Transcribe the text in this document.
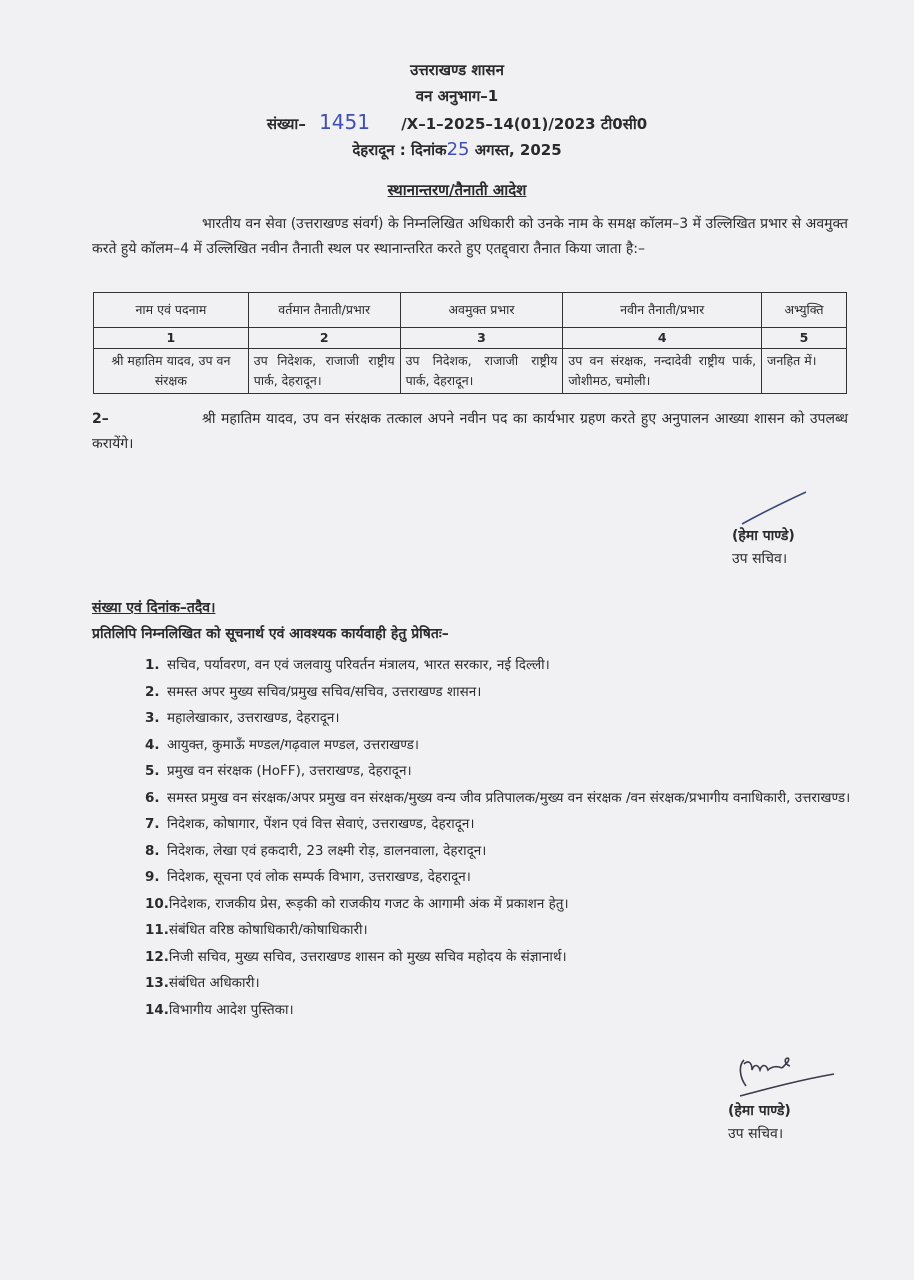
उत्तराखण्ड शासन
वन अनुभाग–1
संख्या– 1451 /X–1–2025–14(01)/2023 टी0सी0
देहरादून : दिनांक25 अगस्त, 2025
स्थानान्तरण/तैनाती आदेश
भारतीय वन सेवा (उत्तराखण्ड संवर्ग) के निम्नलिखित अधिकारी को उनके नाम के समक्ष कॉलम–3 में उल्लिखित प्रभार से अवमुक्त करते हुये कॉलम–4 में उल्लिखित नवीन तैनाती स्थल पर स्थानान्तरित करते हुए एतद्द्वारा तैनात किया जाता है:–
नाम एवं पदनाम	वर्तमान तैनाती/प्रभार	अवमुक्त प्रभार	नवीन तैनाती/प्रभार	अभ्युक्ति
1	2	3	4	5
श्री महातिम यादव, उप वन संरक्षक	उप निदेशक, राजाजी राष्ट्रीय पार्क, देहरादून।	उप निदेशक, राजाजी राष्ट्रीय पार्क, देहरादून।	उप वन संरक्षक, नन्दादेवी राष्ट्रीय पार्क, जोशीमठ, चमोली।	जनहित में।
2–	श्री महातिम यादव, उप वन संरक्षक तत्काल अपने नवीन पद का कार्यभार ग्रहण करते हुए अनुपालन आख्या शासन को उपलब्ध करायेंगे।
(हेमा पाण्डे)
उप सचिव।
संख्या एवं दिनांक–तदैव।
प्रतिलिपि निम्नलिखित को सूचनार्थ एवं आवश्यक कार्यवाही हेतु प्रेषितः–
1. सचिव, पर्यावरण, वन एवं जलवायु परिवर्तन मंत्रालय, भारत सरकार, नई दिल्ली।
2. समस्त अपर मुख्य सचिव/प्रमुख सचिव/सचिव, उत्तराखण्ड शासन।
3. महालेखाकार, उत्तराखण्ड, देहरादून।
4. आयुक्त, कुमाऊँ मण्डल/गढ़वाल मण्डल, उत्तराखण्ड।
5. प्रमुख वन संरक्षक (HoFF), उत्तराखण्ड, देहरादून।
6. समस्त प्रमुख वन संरक्षक/अपर प्रमुख वन संरक्षक/मुख्य वन्य जीव प्रतिपालक/मुख्य वन संरक्षक /वन संरक्षक/प्रभागीय वनाधिकारी, उत्तराखण्ड।
7. निदेशक, कोषागार, पेंशन एवं वित्त सेवाएं, उत्तराखण्ड, देहरादून।
8. निदेशक, लेखा एवं हकदारी, 23 लक्ष्मी रोड़, डालनवाला, देहरादून।
9. निदेशक, सूचना एवं लोक सम्पर्क विभाग, उत्तराखण्ड, देहरादून।
10. निदेशक, राजकीय प्रेस, रूड़की को राजकीय गजट के आगामी अंक में प्रकाशन हेतु।
11. संबंधित वरिष्ठ कोषाधिकारी/कोषाधिकारी।
12. निजी सचिव, मुख्य सचिव, उत्तराखण्ड शासन को मुख्य सचिव महोदय के संज्ञानार्थ।
13. संबंधित अधिकारी।
14. विभागीय आदेश पुस्तिका।
(हेमा पाण्डे)
उप सचिव।
